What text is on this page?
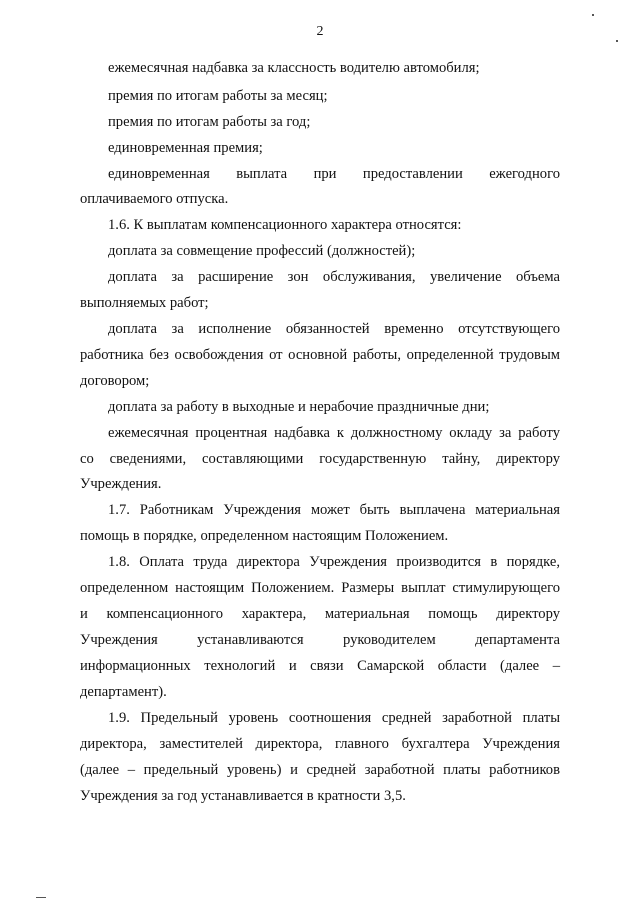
2
ежемесячная надбавка за классность водителю автомобиля;
премия по итогам работы за месяц;
премия по итогам работы за год;
единовременная премия;
единовременная выплата при предоставлении ежегодного
оплачиваемого отпуска.
1.6. К выплатам компенсационного характера относятся:
доплата за совмещение профессий (должностей);
доплата за расширение зон обслуживания, увеличение объема
выполняемых работ;
доплата за исполнение обязанностей временно отсутствующего
работника без освобождения от основной работы, определенной трудовым
договором;
доплата за работу в выходные и нерабочие праздничные дни;
ежемесячная процентная надбавка к должностному окладу за работу
со сведениями, составляющими государственную тайну, директору
Учреждения.
1.7. Работникам Учреждения может быть выплачена материальная
помощь в порядке, определенном настоящим Положением.
1.8. Оплата труда директора Учреждения производится в порядке,
определенном настоящим Положением. Размеры выплат стимулирующего
и компенсационного характера, материальная помощь директору
Учреждения устанавливаются руководителем департамента
информационных технологий и связи Самарской области (далее –
департамент).
1.9. Предельный уровень соотношения средней заработной платы
директора, заместителей директора, главного бухгалтера Учреждения
(далее – предельный уровень) и средней заработной платы работников
Учреждения за год устанавливается в кратности 3,5.
